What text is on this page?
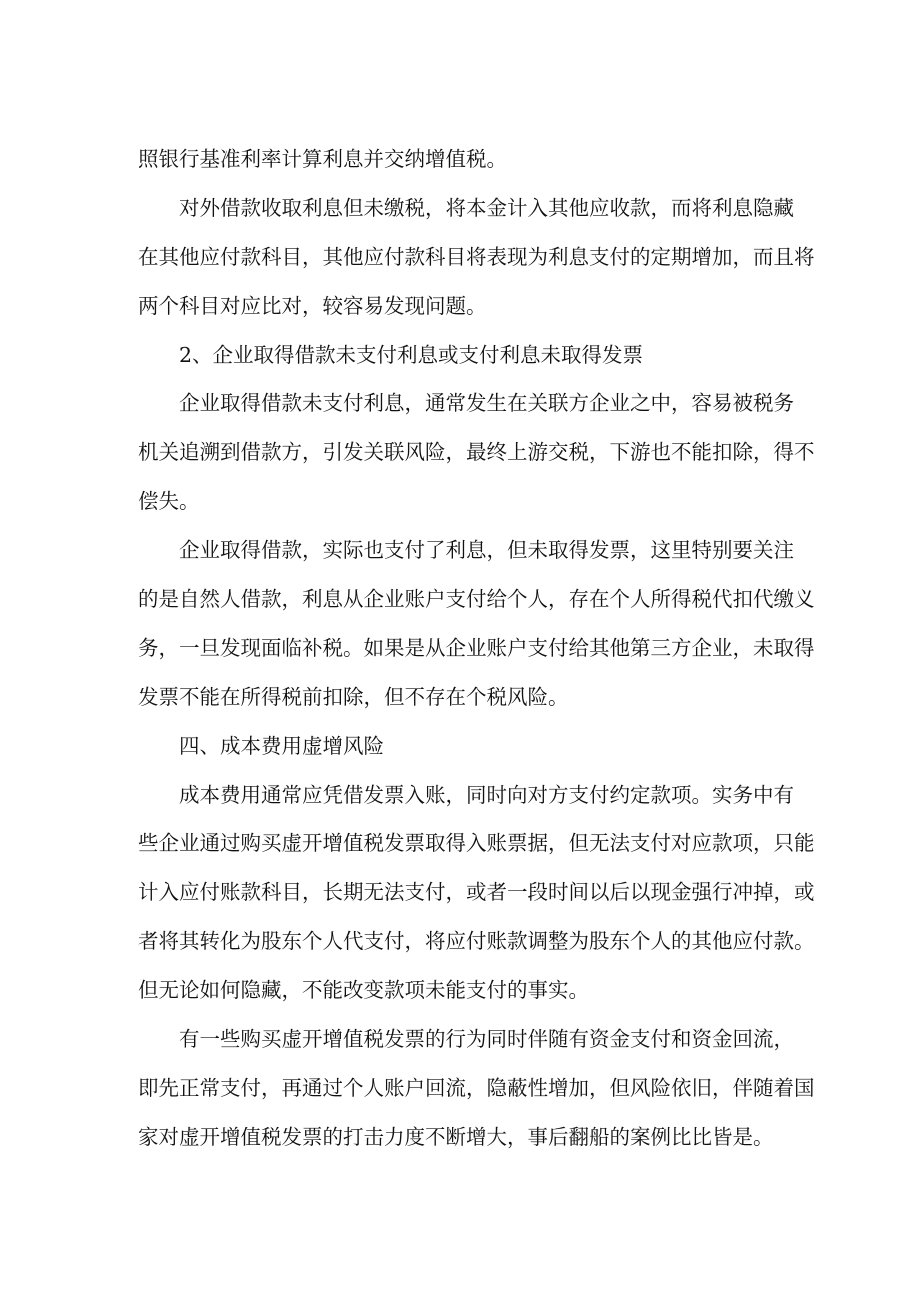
照银行基准利率计算利息并交纳增值税。
对外借款收取利息但未缴税，将本金计入其他应收款，而将利息隐藏
在其他应付款科目，其他应付款科目将表现为利息支付的定期增加，而且将
两个科目对应比对，较容易发现问题。
2、企业取得借款未支付利息或支付利息未取得发票
企业取得借款未支付利息，通常发生在关联方企业之中，容易被税务
机关追溯到借款方，引发关联风险，最终上游交税，下游也不能扣除，得不
偿失。
企业取得借款，实际也支付了利息，但未取得发票，这里特别要关注
的是自然人借款，利息从企业账户支付给个人，存在个人所得税代扣代缴义
务，一旦发现面临补税。如果是从企业账户支付给其他第三方企业，未取得
发票不能在所得税前扣除，但不存在个税风险。
四、成本费用虚增风险
成本费用通常应凭借发票入账，同时向对方支付约定款项。实务中有
些企业通过购买虚开增值税发票取得入账票据，但无法支付对应款项，只能
计入应付账款科目，长期无法支付，或者一段时间以后以现金强行冲掉，或
者将其转化为股东个人代支付，将应付账款调整为股东个人的其他应付款。
但无论如何隐藏，不能改变款项未能支付的事实。
有一些购买虚开增值税发票的行为同时伴随有资金支付和资金回流，
即先正常支付，再通过个人账户回流，隐蔽性增加，但风险依旧，伴随着国
家对虚开增值税发票的打击力度不断增大，事后翻船的案例比比皆是。
